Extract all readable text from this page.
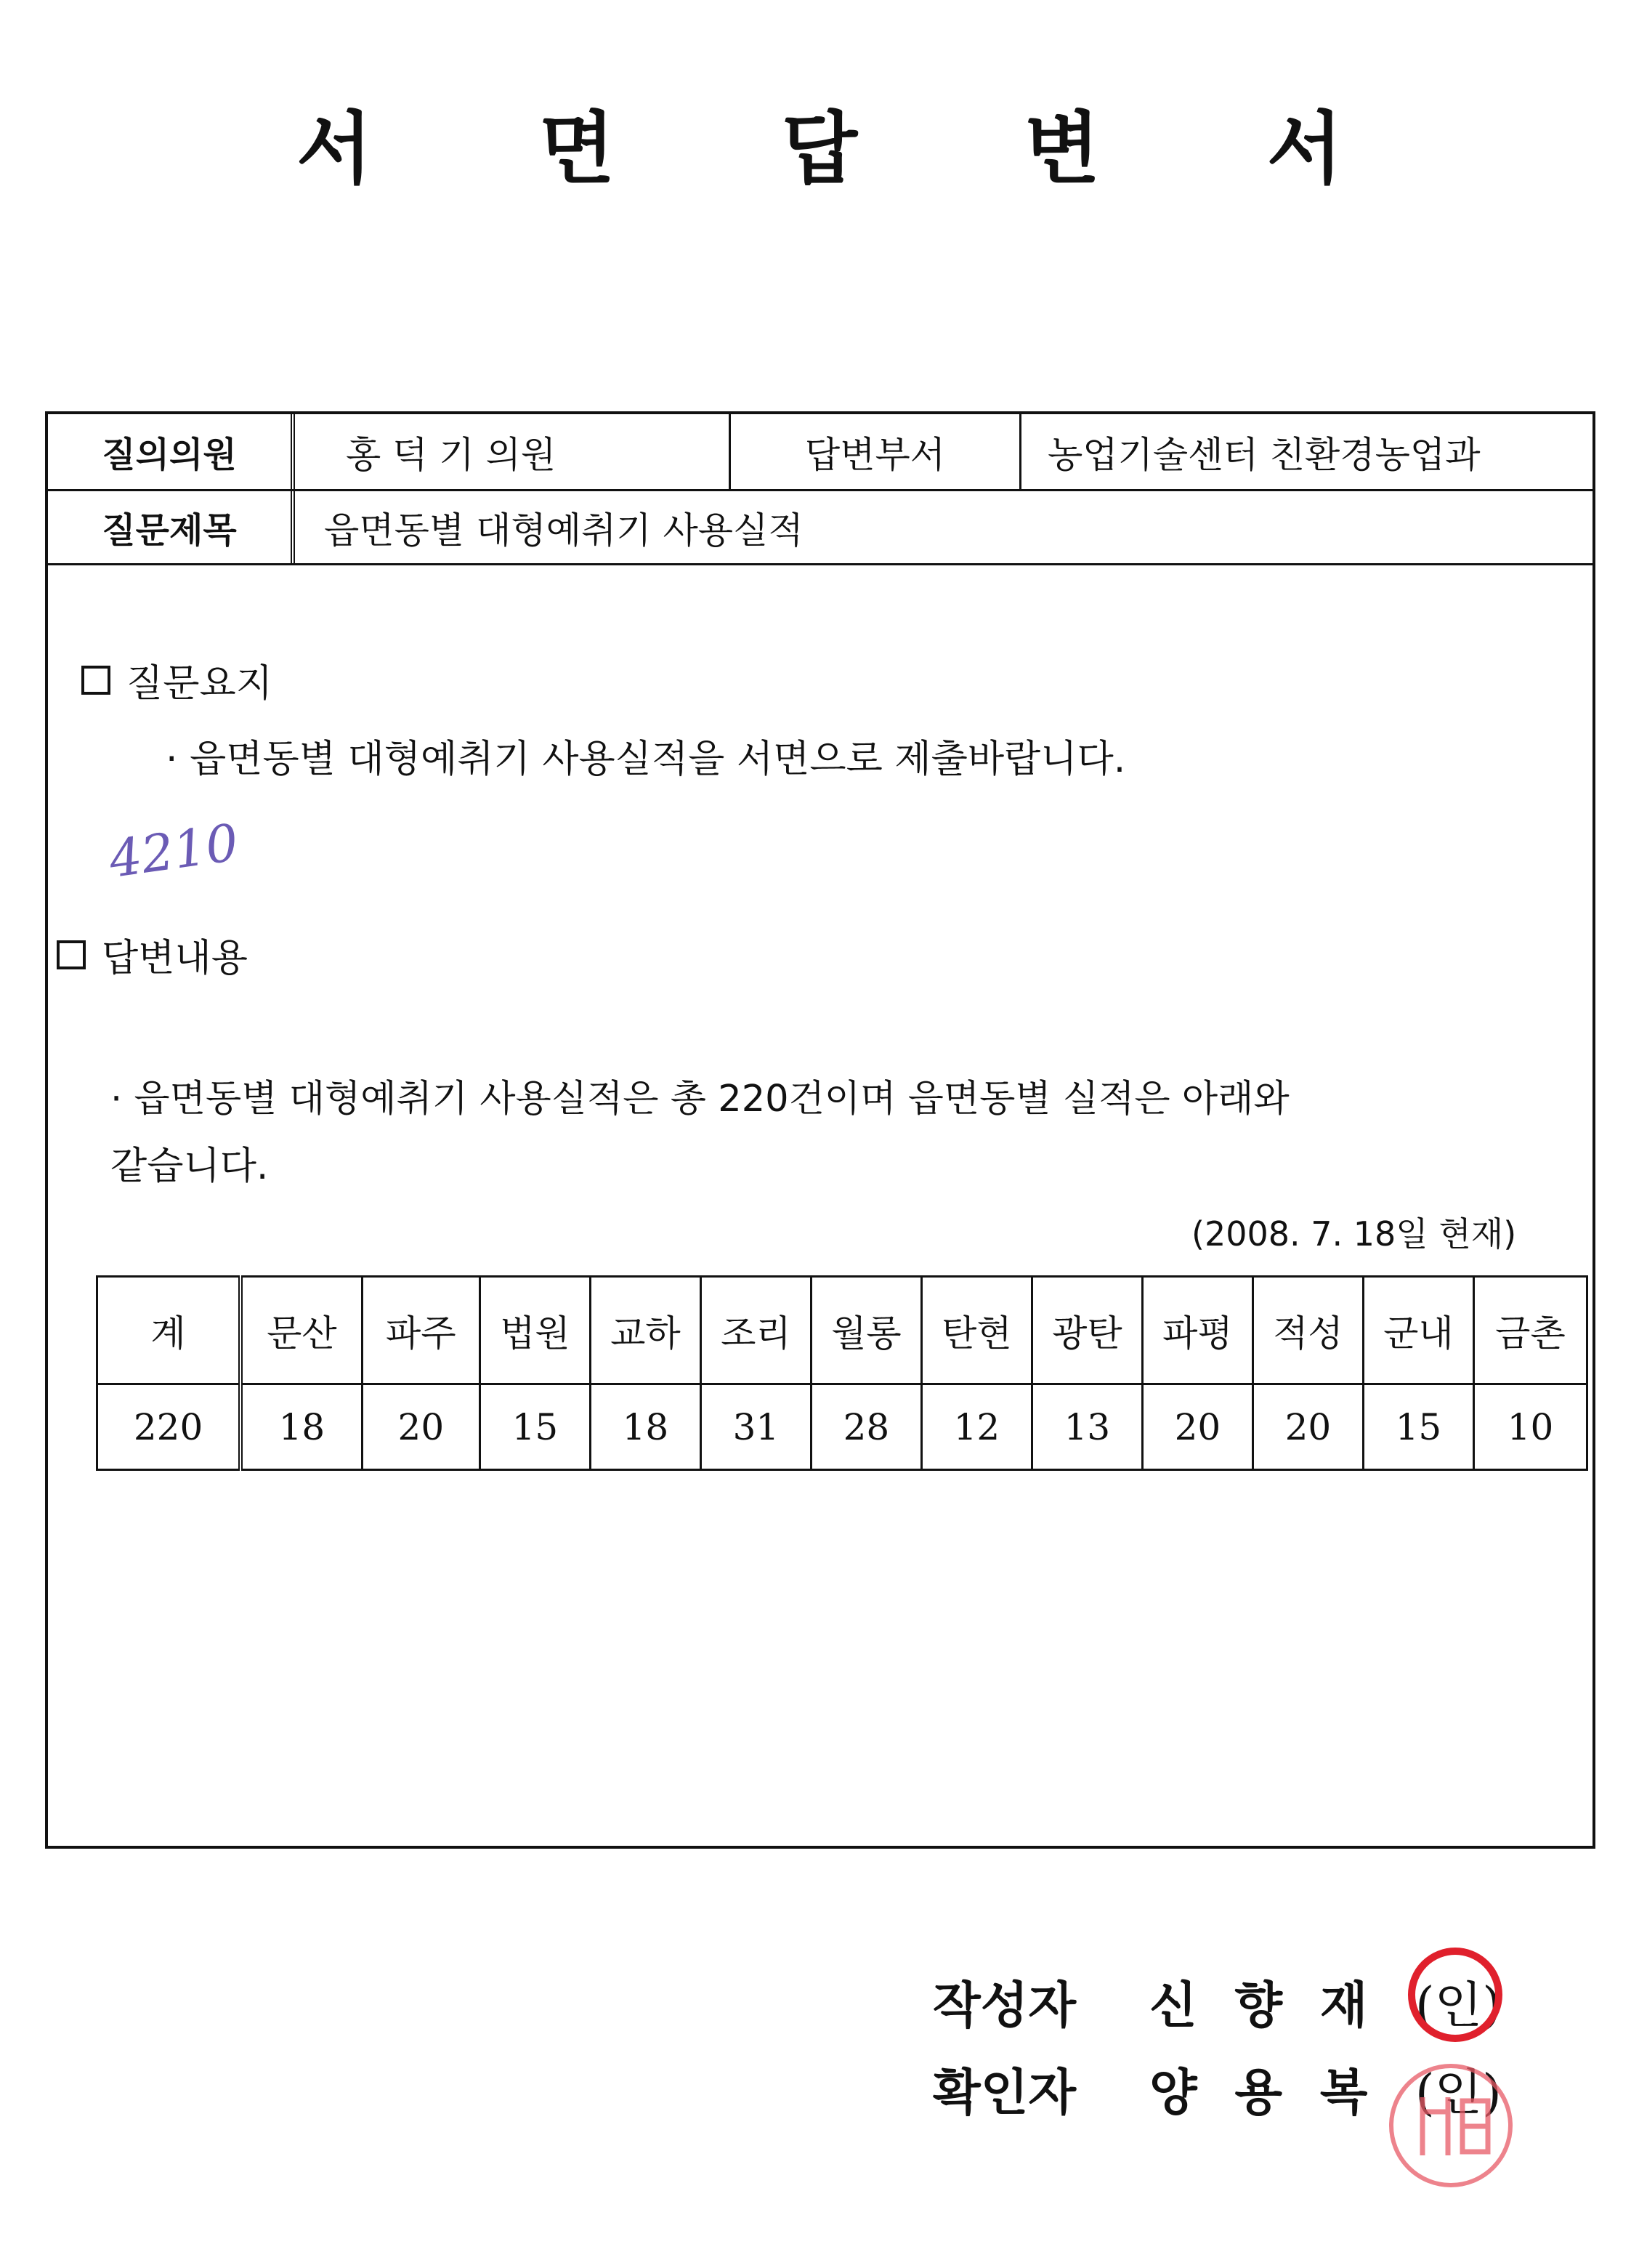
서 면 답 변 서
질의의원	홍 덕 기 의원	답변부서	농업기술센터 친환경농업과
질문제목	읍면동별 대형예취기 사용실적
질문요지
· 읍면동별 대형예취기 사용실적을 서면으로 제출바랍니다.
4210
답변내용
· 읍면동별 대형예취기 사용실적은 총 220건이며 읍면동별 실적은 아래와
같습니다.
(2008. 7. 18일 현재)
계	문산	파주	법원	교하	조리	월롱	탄현	광탄	파평	적성	군내	금촌
220	18	20	15	18	31	28	12	13	20	20	15	10
작성자 신 향 재 (인)
확인자 양 용 복 (인)
